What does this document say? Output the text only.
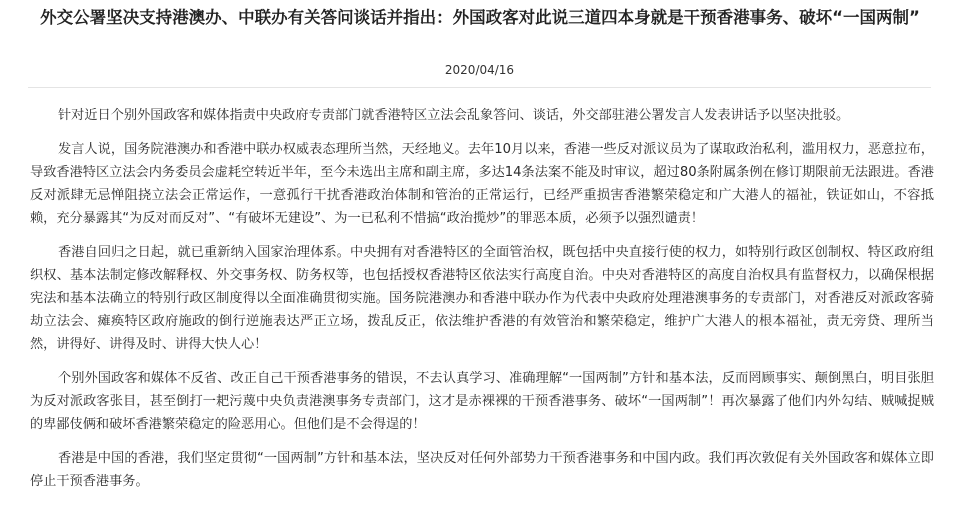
外交公署坚决支持港澳办、中联办有关答问谈话并指出：外国政客对此说三道四本身就是干预香港事务、破坏“一国两制”
2020/04/16

针对近日个别外国政客和媒体指责中央政府专责部门就香港特区立法会乱象答问、谈话，外交部驻港公署发言人发表讲话予以坚决批驳。

发言人说，国务院港澳办和香港中联办权威表态理所当然，天经地义。去年10月以来，香港一些反对派议员为了谋取政治私利，滥用权力，恶意拉布，导致香港特区立法会内务委员会虚耗空转近半年，至今未选出主席和副主席，多达14条法案不能及时审议，超过80条附属条例在修订期限前无法跟进。香港反对派肆无忌惮阻挠立法会正常运作，一意孤行干扰香港政治体制和管治的正常运行，已经严重损害香港繁荣稳定和广大港人的福祉，铁证如山，不容抵赖，充分暴露其“为反对而反对”、“有破坏无建设”、为一已私利不惜搞“政治揽炒”的罪恶本质，必须予以强烈谴责！

香港自回归之日起，就已重新纳入国家治理体系。中央拥有对香港特区的全面管治权，既包括中央直接行使的权力，如特别行政区创制权、特区政府组织权、基本法制定修改解释权、外交事务权、防务权等，也包括授权香港特区依法实行高度自治。中央对香港特区的高度自治权具有监督权力，以确保根据宪法和基本法确立的特别行政区制度得以全面准确贯彻实施。国务院港澳办和香港中联办作为代表中央政府处理港澳事务的专责部门，对香港反对派政客骑劫立法会、瘫痪特区政府施政的倒行逆施表达严正立场，拨乱反正，依法维护香港的有效管治和繁荣稳定，维护广大港人的根本福祉，责无旁贷、理所当然，讲得好、讲得及时、讲得大快人心！

个别外国政客和媒体不反省、改正自己干预香港事务的错误，不去认真学习、准确理解“一国两制”方针和基本法，反而罔顾事实、颠倒黑白，明目张胆为反对派政客张目，甚至倒打一耙污蔑中央负责港澳事务专责部门，这才是赤裸裸的干预香港事务、破坏“一国两制”！再次暴露了他们内外勾结、贼喊捉贼的卑鄙伎俩和破坏香港繁荣稳定的险恶用心。但他们是不会得逞的！

香港是中国的香港，我们坚定贯彻“一国两制”方针和基本法，坚决反对任何外部势力干预香港事务和中国内政。我们再次敦促有关外国政客和媒体立即停止干预香港事务。
